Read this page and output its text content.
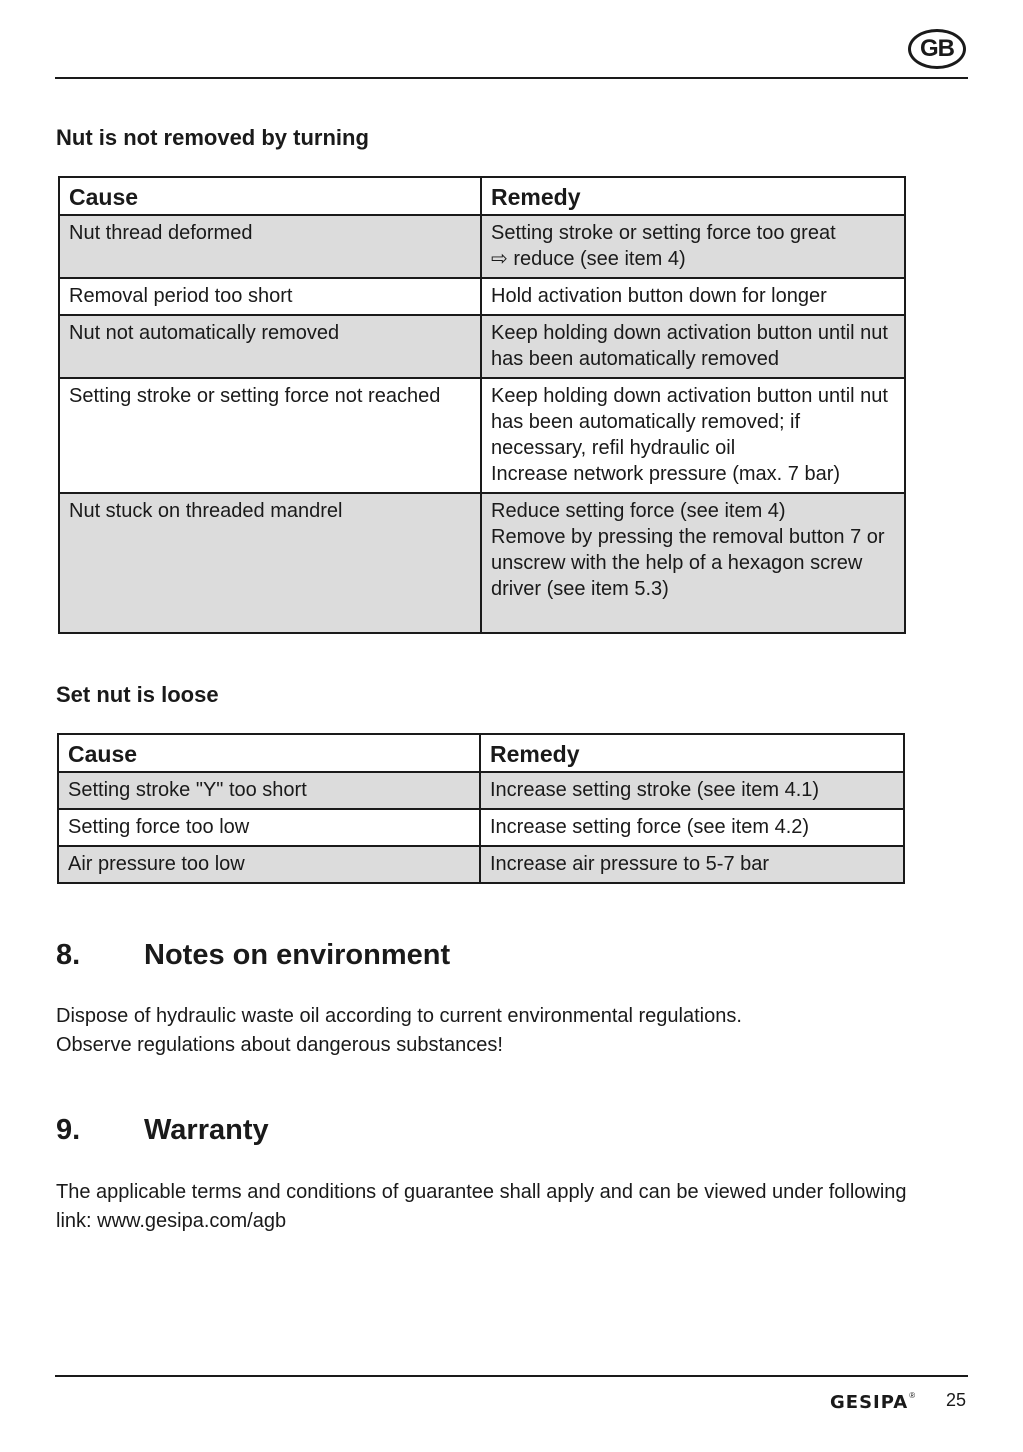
GB
Nut is not removed by turning
Cause	Remedy
Nut thread deformed	Setting stroke or setting force too great
⇨ reduce (see item 4)

Removal period too short	Hold activation button down for longer

Nut not automatically removed	Keep holding down activation button until nut has been automatically removed

Setting stroke or setting force not reached	Keep holding down activation button until nut has been automatically removed; if necessary, refil hydraulic oil
Increase network pressure (max. 7 bar)

Nut stuck on threaded mandrel	Reduce setting force (see item 4)
Remove by pressing the removal button 7 or unscrew with the help of a hexagon screw driver (see item 5.3)
Set nut is loose
Cause	Remedy
Setting stroke "Y" too short	Increase setting stroke (see item 4.1)
Setting force too low	Increase setting force (see item 4.2)
Air pressure too low	Increase air pressure to 5-7 bar
8. Notes on environment
Dispose of hydraulic waste oil according to current environmental regulations.
Observe regulations about dangerous substances!
9. Warranty
The applicable terms and conditions of guarantee shall apply and can be viewed under following
link: www.gesipa.com/agb
GESIPA ® 25
